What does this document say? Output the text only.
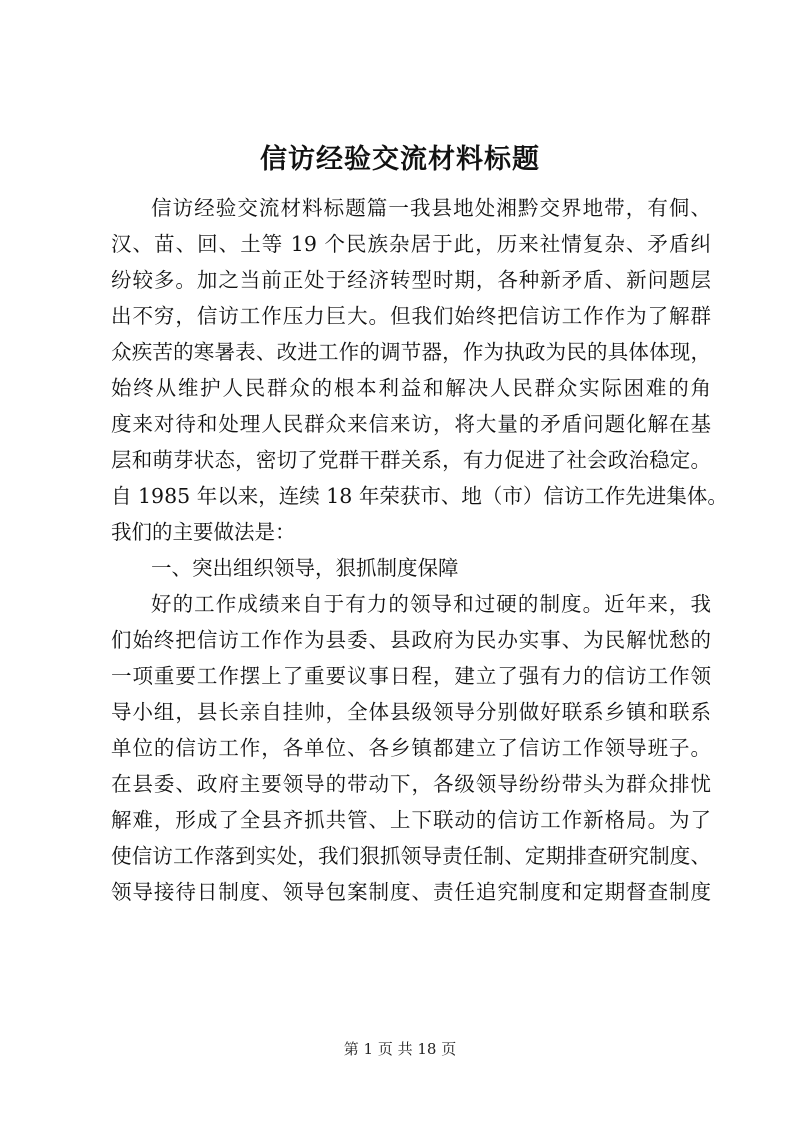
信访经验交流材料标题
信访经验交流材料标题篇一我县地处湘黔交界地带，有侗、
汉、苗、回、土等 19 个民族杂居于此，历来社情复杂、矛盾纠
纷较多。加之当前正处于经济转型时期，各种新矛盾、新问题层
出不穷，信访工作压力巨大。但我们始终把信访工作作为了解群
众疾苦的寒暑表、改进工作的调节器，作为执政为民的具体体现，
始终从维护人民群众的根本利益和解决人民群众实际困难的角
度来对待和处理人民群众来信来访，将大量的矛盾问题化解在基
层和萌芽状态，密切了党群干群关系，有力促进了社会政治稳定。
自 1985 年以来，连续 18 年荣获市、地（市）信访工作先进集体。
我们的主要做法是：
一、突出组织领导，狠抓制度保障
好的工作成绩来自于有力的领导和过硬的制度。近年来，我
们始终把信访工作作为县委、县政府为民办实事、为民解忧愁的
一项重要工作摆上了重要议事日程，建立了强有力的信访工作领
导小组，县长亲自挂帅，全体县级领导分别做好联系乡镇和联系
单位的信访工作，各单位、各乡镇都建立了信访工作领导班子。
在县委、政府主要领导的带动下，各级领导纷纷带头为群众排忧
解难，形成了全县齐抓共管、上下联动的信访工作新格局。为了
使信访工作落到实处，我们狠抓领导责任制、定期排查研究制度、
领导接待日制度、领导包案制度、责任追究制度和定期督查制度
第 1 页 共 18 页
